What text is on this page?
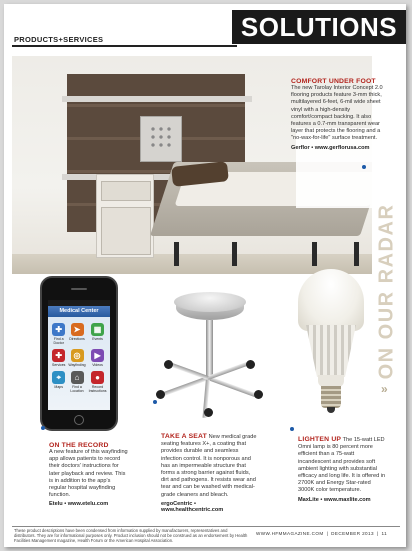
PRODUCTS+SERVICES	SOLUTIONS
COMFORT UNDER FOOT
The new Tarolay Interior Concept 2.0 flooring products feature 3-mm thick, multilayered 6-feet, 6-mil wide sheet vinyl with a high-density comfort/compact backing. It also features a 0.7-mm transparent wear layer that protects the flooring and a "no-wax-for-life" surface treatment.
Gerflor • www.gerflorusa.com
ON OUR RADAR
»
Medical Center
✚
Find a Doctor
➤
Directions
▦
Events
✚
Services
◎
Wayfinding
▶
Videos
⌖
Maps
⌂
Find a Location
●
Record Instructions
ON THE RECORD
A new feature of this wayfinding app allows patients to record their doctors' instructions for later playback and review. This is in addition to the app's regular hospital wayfinding function.
Etelu • www.etelu.com
TAKE A SEAT New medical grade seating features X+, a coating that provides durable and seamless infection control. It is nonporous and has an impermeable structure that forms a strong barrier against fluids, dirt and pathogens. It resists wear and tear and can be washed with medical-grade cleaners and bleach.
ergoCentric • www.healthcentric.com
LIGHTEN UP The 15-watt LED Omni lamp is 80 percent more efficient than a 75-watt incandescent and provides soft ambient lighting with substantial efficacy and long life. It is offered in 2700K and Energy Star-rated 3000K color temperature.
MaxLite • www.maxlite.com
These product descriptions have been condensed from information supplied by manufacturers, representatives and distributors. They are for informational purposes only. Product inclusion should not be construed as an endorsement by Health Facilities Management magazine, Health Forum or the American Hospital Association.
WWW.HFMMAGAZINE.COM | DECEMBER 2013 | 11
